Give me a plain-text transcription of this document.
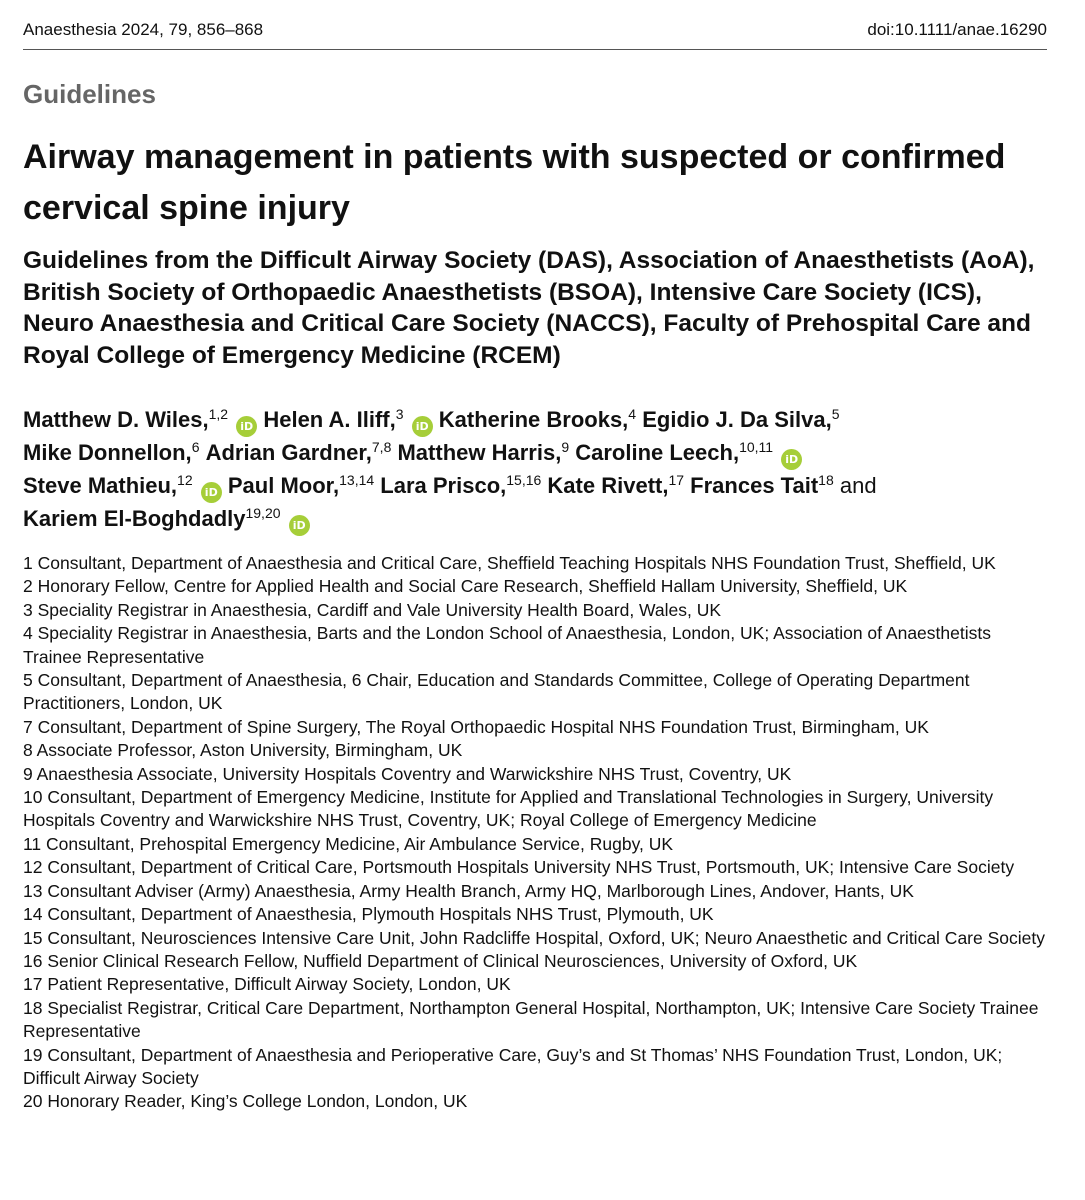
Anaesthesia 2024, 79, 856–868	doi:10.1111/anae.16290
Guidelines
Airway management in patients with suspected or confirmed cervical spine injury
Guidelines from the Difficult Airway Society (DAS), Association of Anaesthetists (AoA), British Society of Orthopaedic Anaesthetists (BSOA), Intensive Care Society (ICS), Neuro Anaesthesia and Critical Care Society (NACCS), Faculty of Prehospital Care and Royal College of Emergency Medicine (RCEM)
Matthew D. Wiles,$^{1,2}$ iD Helen A. Iliff,$^3$ iD Katherine Brooks,$^4$ Egidio J. Da Silva,$^5$
Mike Donnellon,$^6$ Adrian Gardner,$^{7,8}$ Matthew Harris,$^9$ Caroline Leech,$^{10,11}$ iD
Steve Mathieu,$^{12}$ iD Paul Moor,$^{13,14}$ Lara Prisco,$^{15,16}$ Kate Rivett,$^{17}$ Frances Tait$^{18}$ and
Kariem El-Boghdadly$^{19,20}$ iD

1 Consultant, Department of Anaesthesia and Critical Care, Sheffield Teaching Hospitals NHS Foundation Trust, Sheffield, UK

2 Honorary Fellow, Centre for Applied Health and Social Care Research, Sheffield Hallam University, Sheffield, UK

3 Speciality Registrar in Anaesthesia, Cardiff and Vale University Health Board, Wales, UK

4 Speciality Registrar in Anaesthesia, Barts and the London School of Anaesthesia, London, UK; Association of Anaesthetists Trainee Representative

5 Consultant, Department of Anaesthesia, 6 Chair, Education and Standards Committee, College of Operating Department Practitioners, London, UK

7 Consultant, Department of Spine Surgery, The Royal Orthopaedic Hospital NHS Foundation Trust, Birmingham, UK

8 Associate Professor, Aston University, Birmingham, UK

9 Anaesthesia Associate, University Hospitals Coventry and Warwickshire NHS Trust, Coventry, UK

10 Consultant, Department of Emergency Medicine, Institute for Applied and Translational Technologies in Surgery, University Hospitals Coventry and Warwickshire NHS Trust, Coventry, UK; Royal College of Emergency Medicine

11 Consultant, Prehospital Emergency Medicine, Air Ambulance Service, Rugby, UK

12 Consultant, Department of Critical Care, Portsmouth Hospitals University NHS Trust, Portsmouth, UK; Intensive Care Society

13 Consultant Adviser (Army) Anaesthesia, Army Health Branch, Army HQ, Marlborough Lines, Andover, Hants, UK

14 Consultant, Department of Anaesthesia, Plymouth Hospitals NHS Trust, Plymouth, UK

15 Consultant, Neurosciences Intensive Care Unit, John Radcliffe Hospital, Oxford, UK; Neuro Anaesthetic and Critical Care Society

16 Senior Clinical Research Fellow, Nuffield Department of Clinical Neurosciences, University of Oxford, UK

17 Patient Representative, Difficult Airway Society, London, UK

18 Specialist Registrar, Critical Care Department, Northampton General Hospital, Northampton, UK; Intensive Care Society Trainee Representative

19 Consultant, Department of Anaesthesia and Perioperative Care, Guy’s and St Thomas’ NHS Foundation Trust, London, UK; Difficult Airway Society

20 Honorary Reader, King’s College London, London, UK
